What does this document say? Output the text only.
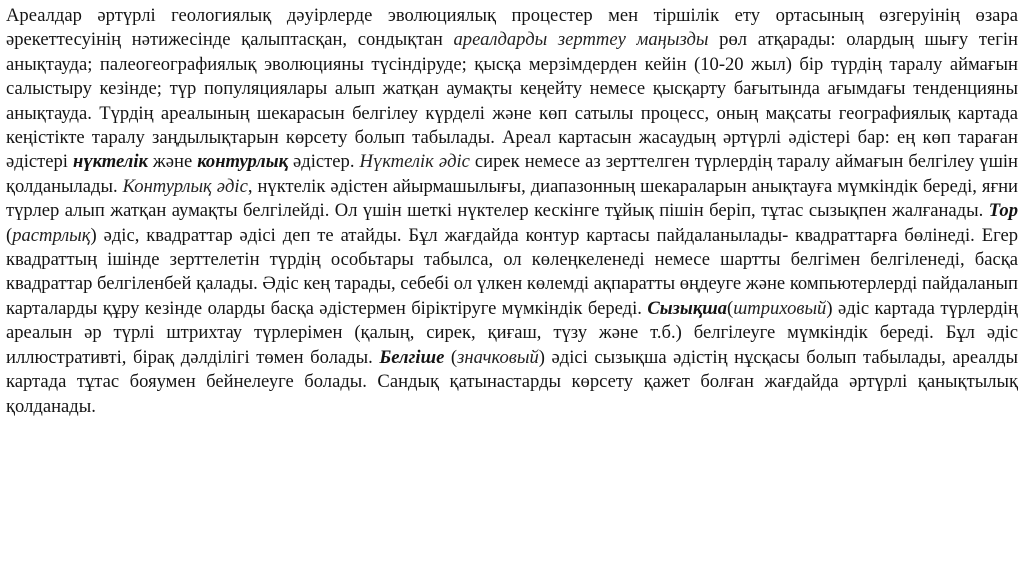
Ареалдар әртүрлі геологиялық дәуірлерде эволюциялық процестер мен тіршілік ету ортасының өзгеруінің өзара әрекеттесуінің нәтижесінде қалыптасқан, сондықтан ареалдарды зерттеу маңызды рөл атқарады: олардың шығу тегін анықтауда; палеогеографиялық эволюцияны түсіндіруде; қысқа мерзімдерден кейін (10-20 жыл) бір түрдің таралу аймағын салыстыру кезінде; түр популяциялары алып жатқан аумақты кеңейту немесе қысқарту бағытында ағымдағы тенденцияны анықтауда. Түрдің ареалының шекарасын белгілеу күрделі және көп сатылы процесс, оның мақсаты географиялық картада кеңістікте таралу заңдылықтарын көрсету болып табылады. Ареал картасын жасаудың әртүрлі әдістері бар: ең көп тараған әдістері нүктелік және контурлық әдістер. Нүктелік әдіс сирек немесе аз зерттелген түрлердің таралу аймағын белгілеу үшін қолданылады. Контурлық әдіс, нүктелік әдістен айырмашылығы, диапазонның шекараларын анықтауға мүмкіндік береді, яғни түрлер алып жатқан аумақты белгілейді. Ол үшін шеткі нүктелер кескінге тұйық пішін беріп, тұтас сызықпен жалғанады. Тор (растрлық) әдіс, квадраттар әдісі деп те атайды. Бұл жағдайда контур картасы пайдаланылады- квадраттарға бөлінеді. Егер квадраттың ішінде зерттелетін түрдің особьтары табылса, ол көлеңкеленеді немесе шартты белгімен белгіленеді, басқа квадраттар белгіленбей қалады. Әдіс кең тарады, себебі ол үлкен көлемді ақпаратты өңдеуге және компьютерлерді пайдаланып карталарды құру кезінде оларды басқа әдістермен біріктіруге мүмкіндік береді. Сызықша(штриховый) әдіс картада түрлердің ареалын әр түрлі штрихтау түрлерімен (қалың, сирек, қиғаш, түзу және т.б.) белгілеуге мүмкіндік береді. Бұл әдіс иллюстративті, бірақ дәлдiлігі төмен болады. Белгіше (значковый) әдісі сызықша әдістің нұсқасы болып табылады, ареалды картада тұтас бояумен бейнелеуге болады. Сандық қатынастарды көрсету қажет болған жағдайда әртүрлі қанықтылық қолданады.
